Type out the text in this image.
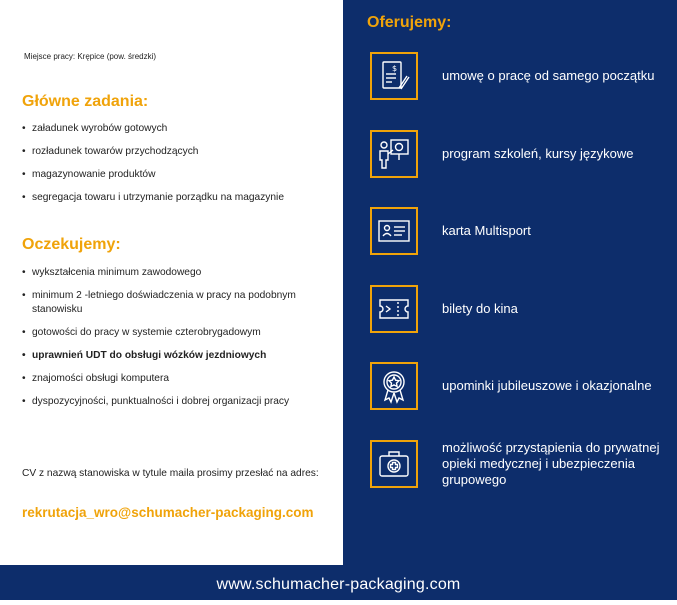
Miejsce pracy: Krępice (pow. średzki)
Główne zadania:
• załadunek wyrobów gotowych
• rozładunek towarów przychodzących
• magazynowanie produktów
• segregacja towaru i utrzymanie porządku na magazynie
Oczekujemy:
• wykształcenia minimum zawodowego
• minimum 2 -letniego doświadczenia w pracy na podobnym stanowisku
• gotowości do pracy w systemie czterobrygadowym
• uprawnień UDT do obsługi wózków jezdniowych
• znajomości obsługi komputera
• dyspozycyjności, punktualności i dobrej organizacji pracy
CV z nazwą stanowiska w tytule maila prosimy przesłać na adres:
rekrutacja_wro@schumacher-packaging.com
Oferujemy:
$	umowę o pracę od samego początku
program szkoleń, kursy językowe
karta Multisport
bilety do kina
upominki jubileuszowe i okazjonalne
możliwość przystąpienia do prywatnej opieki medycznej i ubezpieczenia grupowego
www.schumacher-packaging.com
